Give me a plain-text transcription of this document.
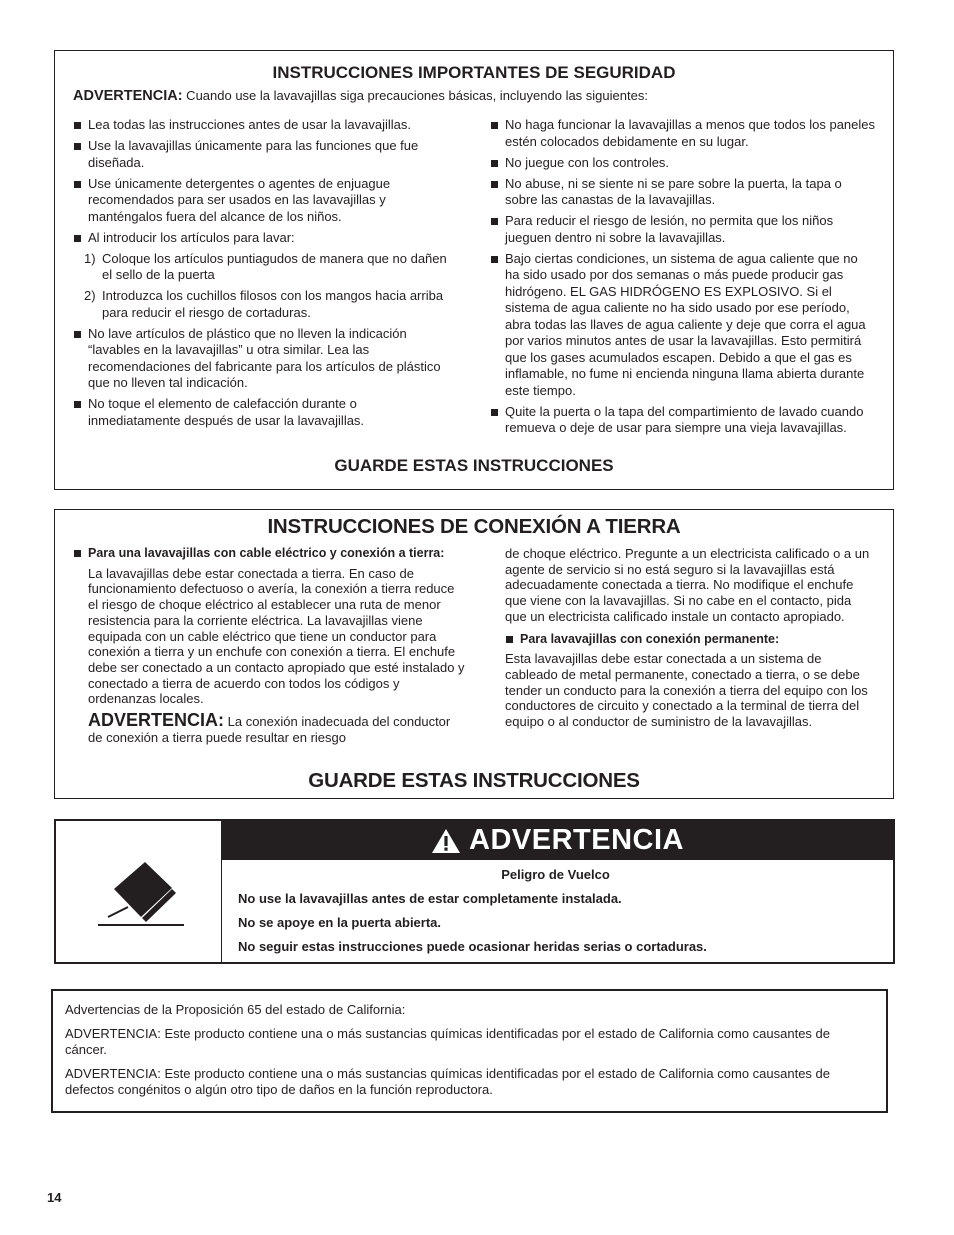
INSTRUCCIONES IMPORTANTES DE SEGURIDAD
ADVERTENCIA: Cuando use la lavavajillas siga precauciones básicas, incluyendo las siguientes:
Lea todas las instrucciones antes de usar la lavavajillas.
Use la lavavajillas únicamente para las funciones que fue diseñada.
Use únicamente detergentes o agentes de enjuague recomendados para ser usados en las lavavajillas y manténgalos fuera del alcance de los niños.
Al introducir los artículos para lavar:
1) Coloque los artículos puntiagudos de manera que no dañen el sello de la puerta
2) Introduzca los cuchillos filosos con los mangos hacia arriba para reducir el riesgo de cortaduras.
No lave artículos de plástico que no lleven la indicación “lavables en la lavavajillas” u otra similar. Lea las recomendaciones del fabricante para los artículos de plástico que no lleven tal indicación.
No toque el elemento de calefacción durante o inmediatamente después de usar la lavavajillas.
No haga funcionar la lavavajillas a menos que todos los paneles estén colocados debidamente en su lugar.
No juegue con los controles.
No abuse, ni se siente ni se pare sobre la puerta, la tapa o sobre las canastas de la lavavajillas.
Para reducir el riesgo de lesión, no permita que los niños jueguen dentro ni sobre la lavavajillas.
Bajo ciertas condiciones, un sistema de agua caliente que no ha sido usado por dos semanas o más puede producir gas hidrógeno. EL GAS HIDRÓGENO ES EXPLOSIVO. Si el sistema de agua caliente no ha sido usado por ese período, abra todas las llaves de agua caliente y deje que corra el agua por varios minutos antes de usar la lavavajillas. Esto permitirá que los gases acumulados escapen. Debido a que el gas es inflamable, no fume ni encienda ninguna llama abierta durante este tiempo.
Quite la puerta o la tapa del compartimiento de lavado cuando remueva o deje de usar para siempre una vieja lavavajillas.
GUARDE ESTAS INSTRUCCIONES
INSTRUCCIONES DE CONEXIÓN A TIERRA
Para una lavavajillas con cable eléctrico y conexión a tierra:
La lavavajillas debe estar conectada a tierra. En caso de funcionamiento defectuoso o avería, la conexión a tierra reduce el riesgo de choque eléctrico al establecer una ruta de menor resistencia para la corriente eléctrica. La lavavajillas viene equipada con un cable eléctrico que tiene un conductor para conexión a tierra y un enchufe con conexión a tierra. El enchufe debe ser conectado a un contacto apropiado que esté instalado y conectado a tierra de acuerdo con todos los códigos y ordenanzas locales.
ADVERTENCIA: La conexión inadecuada del conductor de conexión a tierra puede resultar en riesgo
de choque eléctrico. Pregunte a un electricista calificado o a un agente de servicio si no está seguro si la lavavajillas está adecuadamente conectada a tierra. No modifique el enchufe que viene con la lavavajillas. Si no cabe en el contacto, pida que un electricista calificado instale un contacto apropiado.
Para lavavajillas con conexión permanente:
Esta lavavajillas debe estar conectada a un sistema de cableado de metal permanente, conectado a tierra, o se debe tender un conducto para la conexión a tierra del equipo con los conductores de circuito y conectado a la terminal de tierra del equipo o al conductor de suministro de la lavavajillas.
GUARDE ESTAS INSTRUCCIONES
ADVERTENCIA
Peligro de Vuelco
No use la lavavajillas antes de estar completamente instalada.
No se apoye en la puerta abierta.
No seguir estas instrucciones puede ocasionar heridas serias o cortaduras.

Advertencias de la Proposición 65 del estado de California:

ADVERTENCIA: Este producto contiene una o más sustancias químicas identificadas por el estado de California como causantes de cáncer.

ADVERTENCIA: Este producto contiene una o más sustancias químicas identificadas por el estado de California como causantes de defectos congénitos o algún otro tipo de daños en la función reproductora.

14
